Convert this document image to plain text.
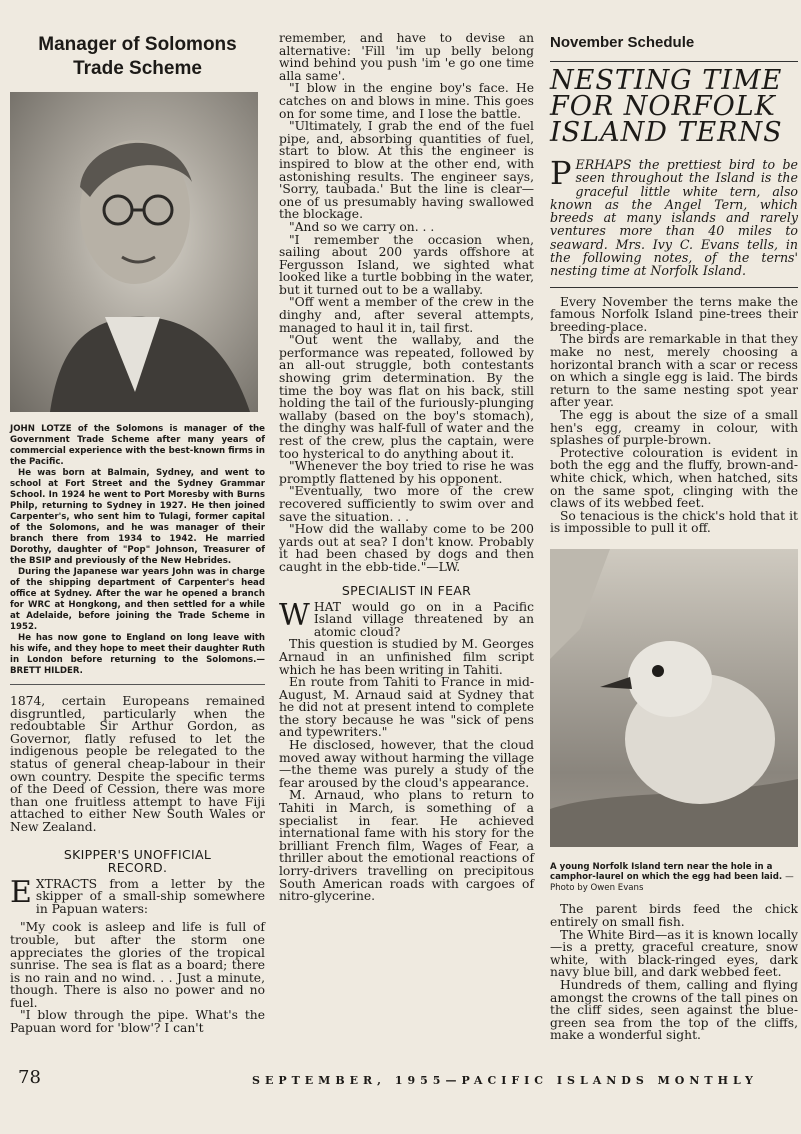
Manager of Solomons
Trade Scheme
JOHN LOTZE of the Solomons is manager of the Government Trade Scheme after many years of commercial experience with the best-known firms in the Pacific.
He was born at Balmain, Sydney, and went to school at Fort Street and the Sydney Grammar School. In 1924 he went to Port Moresby with Burns Philp, returning to Sydney in 1927. He then joined Carpenter's, who sent him to Tulagi, former capital of the Solomons, and he was manager of their branch there from 1934 to 1942. He married Dorothy, daughter of "Pop" Johnson, Treasurer of the BSIP and previously of the New Hebrides.
During the Japanese war years John was in charge of the shipping department of Carpenter's head office at Sydney. After the war he opened a branch for WRC at Hongkong, and then settled for a while at Adelaide, before joining the Trade Scheme in 1952.
He has now gone to England on long leave with his wife, and they hope to meet their daughter Ruth in London before returning to the Solomons.—BRETT HILDER.

1874, certain Europeans remained disgruntled, particularly when the redoubtable Sir Arthur Gordon, as Governor, flatly refused to let the indigenous people be relegated to the status of general cheap-labour in their own country. Despite the specific terms of the Deed of Cession, there was more than one fruitless attempt to have Fiji attached to either New South Wales or New Zealand.

SKIPPER'S UNOFFICIAL
RECORD.

EXTRACTS from a letter by the skipper of a small-ship somewhere in Papuan waters:

"My cook is asleep and life is full of trouble, but after the storm one appreciates the glories of the tropical sunrise. The sea is flat as a board; there is no rain and no wind. . . Just a minute, though. There is also no power and no fuel.

"I blow through the pipe. What's the Papuan word for 'blow'? I can't

remember, and have to devise an alternative: 'Fill 'im up belly belong wind behind you push 'im 'e go one time alla same'.

"I blow in the engine boy's face. He catches on and blows in mine. This goes on for some time, and I lose the battle.

"Ultimately, I grab the end of the fuel pipe, and, absorbing quantities of fuel, start to blow. At this the engineer is inspired to blow at the other end, with astonishing results. The engineer says, 'Sorry, taubada.' But the line is clear—one of us presumably having swallowed the blockage.

"And so we carry on. . .

"I remember the occasion when, sailing about 200 yards offshore at Fergusson Island, we sighted what looked like a turtle bobbing in the water, but it turned out to be a wallaby.

"Off went a member of the crew in the dinghy and, after several attempts, managed to haul it in, tail first.

"Out went the wallaby, and the performance was repeated, followed by an all-out struggle, both contestants showing grim determination. By the time the boy was flat on his back, still holding the tail of the furiously-plunging wallaby (based on the boy's stomach), the dinghy was half-full of water and the rest of the crew, plus the captain, were too hysterical to do anything about it.

"Whenever the boy tried to rise he was promptly flattened by his opponent.

"Eventually, two more of the crew recovered sufficiently to swim over and save the situation. . .

"How did the wallaby come to be 200 yards out at sea? I don't know. Probably it had been chased by dogs and then caught in the ebb-tide."—LW.

SPECIALIST IN FEAR

WHAT would go on in a Pacific Island village threatened by an atomic cloud?

This question is studied by M. Georges Arnaud in an unfinished film script which he has been writing in Tahiti.

En route from Tahiti to France in mid-August, M. Arnaud said at Sydney that he did not at present intend to complete the story because he was "sick of pens and typewriters."

He disclosed, however, that the cloud moved away without harming the village—the theme was purely a study of the fear aroused by the cloud's appearance.

M. Arnaud, who plans to return to Tahiti in March, is something of a specialist in fear. He achieved international fame with his story for the brilliant French film, Wages of Fear, a thriller about the emotional reactions of lorry-drivers travelling on precipitous South American roads with cargoes of nitro-glycerine.

November Schedule
NESTING TIME
FOR NORFOLK
ISLAND TERNS
PERHAPS the prettiest bird to be seen throughout the Island is the graceful little white tern, also known as the Angel Tern, which breeds at many islands and rarely ventures more than 40 miles to seaward. Mrs. Ivy C. Evans tells, in the following notes, of the terns' nesting time at Norfolk Island.

Every November the terns make the famous Norfolk Island pine-trees their breeding-place.

The birds are remarkable in that they make no nest, merely choosing a horizontal branch with a scar or recess on which a single egg is laid. The birds return to the same nesting spot year after year.

The egg is about the size of a small hen's egg, creamy in colour, with splashes of purple-brown.

Protective colouration is evident in both the egg and the fluffy, brown-and-white chick, which, when hatched, sits on the same spot, clinging with the claws of its webbed feet.

So tenacious is the chick's hold that it is impossible to pull it off.

A young Norfolk Island tern near the hole in a camphor-laurel on which the egg had been laid. —Photo by Owen Evans

The parent birds feed the chick entirely on small fish.

The White Bird—as it is known locally—is a pretty, graceful creature, snow white, with black-ringed eyes, dark navy blue bill, and dark webbed feet.

Hundreds of them, calling and flying amongst the crowns of the tall pines on the cliff sides, seen against the blue-green sea from the top of the cliffs, make a wonderful sight.

78	SEPTEMBER, 1955—PACIFIC ISLANDS MONTHLY
